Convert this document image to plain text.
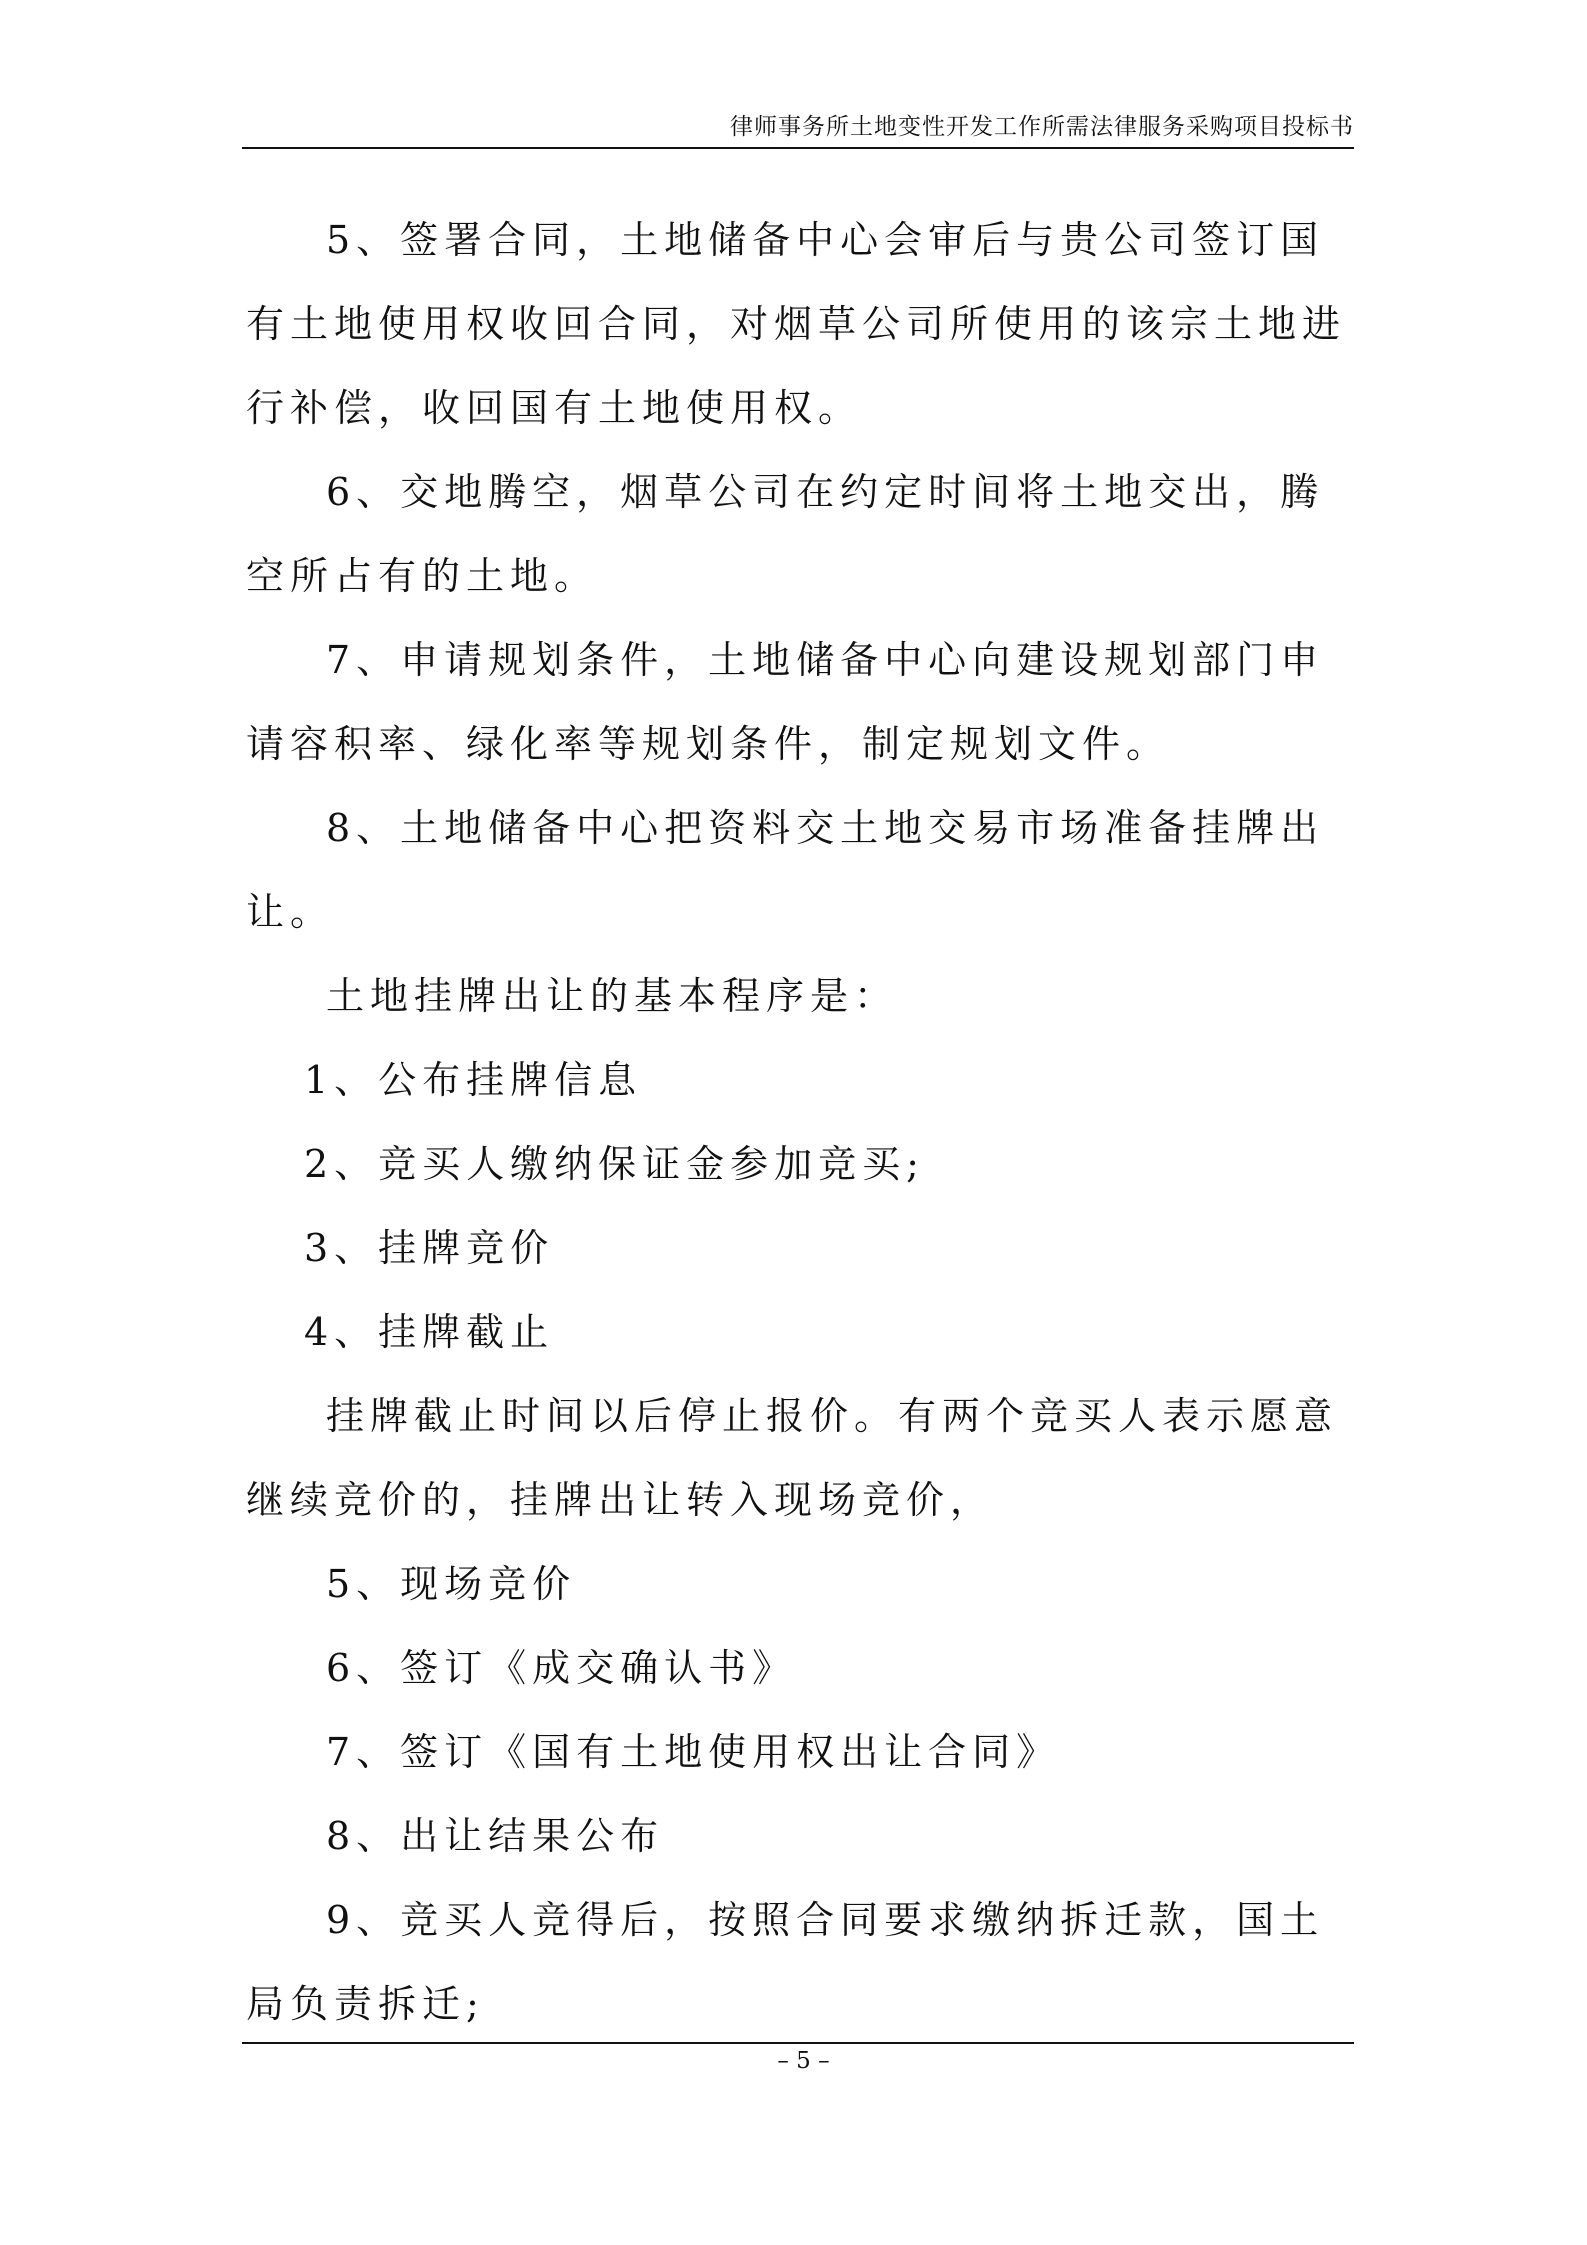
律师事务所土地变性开发工作所需法律服务采购项目投标书

5、签署合同，土地储备中心会审后与贵公司签订国有土地使用权收回合同，对烟草公司所使用的该宗土地进行补偿，收回国有土地使用权。

6、交地腾空，烟草公司在约定时间将土地交出，腾空所占有的土地。

7、申请规划条件，土地储备中心向建设规划部门申请容积率、绿化率等规划条件，制定规划文件。

8、土地储备中心把资料交土地交易市场准备挂牌出让。

土地挂牌出让的基本程序是：

1、公布挂牌信息

2、竞买人缴纳保证金参加竞买;

3、挂牌竞价

4、挂牌截止

挂牌截止时间以后停止报价。有两个竞买人表示愿意继续竞价的，挂牌出让转入现场竞价，

5、现场竞价

6、签订《成交确认书》

7、签订《国有土地使用权出让合同》

8、出让结果公布

9、竞买人竞得后，按照合同要求缴纳拆迁款，国土局负责拆迁;

– 5 –
